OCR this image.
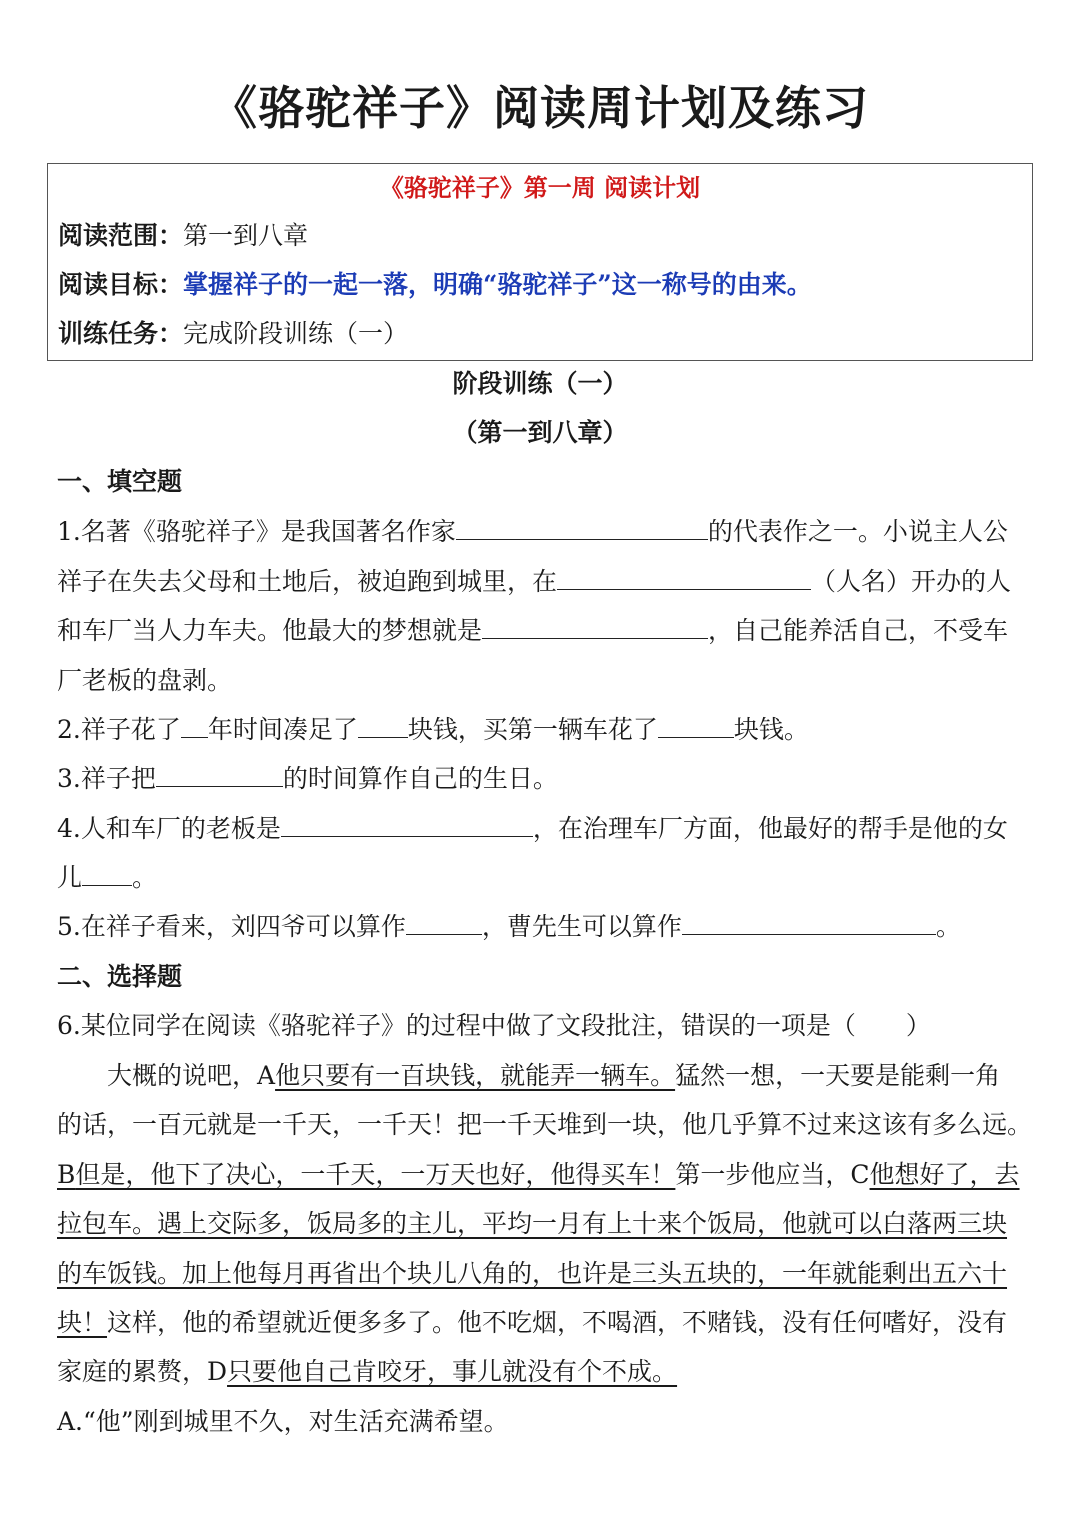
《骆驼祥子》阅读周计划及练习
《骆驼祥子》第一周 阅读计划
阅读范围：第一到八章
阅读目标：掌握祥子的一起一落，明确“骆驼祥子”这一称号的由来。
训练任务：完成阶段训练（一）
阶段训练（一）
（第一到八章）
一、填空题
1.名著《骆驼祥子》是我国著名作家	的代表作之一。小说主人公
祥子在失去父母和土地后，被迫跑到城里，在	（人名）开办的人
和车厂当人力车夫。他最大的梦想就是	，自己能养活自己，不受车
厂老板的盘剥。
2.祥子花了 年时间凑足了 块钱，买第一辆车花了	块钱。
3.祥子把	的时间算作自己的生日。
4.人和车厂的老板是	，在治理车厂方面，他最好的帮手是他的女
儿 。
5.在祥子看来，刘四爷可以算作	，曹先生可以算作	。
二、选择题
6.某位同学在阅读《骆驼祥子》的过程中做了文段批注，错误的一项是（　　）
大概的说吧，A他只要有一百块钱，就能弄一辆车。猛然一想，一天要是能剩一角
的话，一百元就是一千天，一千天！把一千天堆到一块，他几乎算不过来这该有多么远。
B但是，他下了决心，一千天，一万天也好，他得买车！第一步他应当，C他想好了，去
拉包车。遇上交际多，饭局多的主儿，平均一月有上十来个饭局，他就可以白落两三块
的车饭钱。加上他每月再省出个块儿八角的，也许是三头五块的，一年就能剩出五六十
块！这样，他的希望就近便多多了。他不吃烟，不喝酒，不赌钱，没有任何嗜好，没有
家庭的累赘，D只要他自己肯咬牙，事儿就没有个不成。
A.“他”刚到城里不久，对生活充满希望。
